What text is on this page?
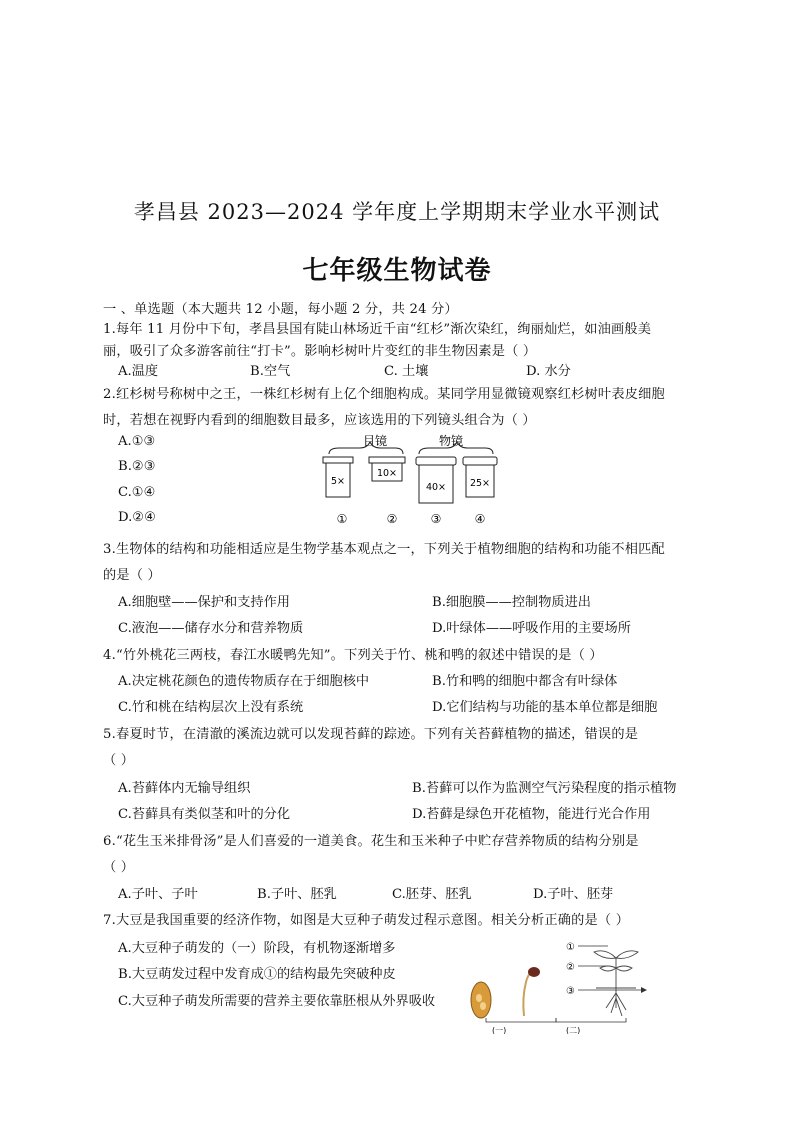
孝昌县 2023—2024 学年度上学期期末学业水平测试
七年级生物试卷
一 、单选题（本大题共 12 小题，每小题 2 分，共 24 分）
1.每年 11 月份中下旬，孝昌县国有陡山林场近千亩“红杉”渐次染红，绚丽灿烂，如油画般美
丽，吸引了众多游客前往“打卡”。影响杉树叶片变红的非生物因素是（ ）
A.温度	B.空气	C. 土壤	D. 水分
2.红杉树号称树中之王，一株红杉树有上亿个细胞构成。某同学用显微镜观察红杉树叶表皮细胞
时，若想在视野内看到的细胞数目最多，应该选用的下列镜头组合为（ ）
A.①③
B.②③
C.①④
D.②④
目镜	物镜
5×
10×
40×	25×
①	②	③	④
3.生物体的结构和功能相适应是生物学基本观点之一，下列关于植物细胞的结构和功能不相匹配
的是（ ）
A.细胞壁——保护和支持作用	B.细胞膜——控制物质进出
C.液泡——储存水分和营养物质	D.叶绿体——呼吸作用的主要场所
4.“竹外桃花三两枝，春江水暖鸭先知”。下列关于竹、桃和鸭的叙述中错误的是（ ）
A.决定桃花颜色的遗传物质存在于细胞核中	B.竹和鸭的细胞中都含有叶绿体
C.竹和桃在结构层次上没有系统	D.它们结构与功能的基本单位都是细胞
5.春夏时节，在清澈的溪流边就可以发现苔藓的踪迹。下列有关苔藓植物的描述，错误的是
（ ）
A.苔藓体内无输导组织	B.苔藓可以作为监测空气污染程度的指示植物
C.苔藓具有类似茎和叶的分化	D.苔藓是绿色开花植物，能进行光合作用
6.“花生玉米排骨汤”是人们喜爱的一道美食。花生和玉米种子中贮存营养物质的结构分别是
（ ）
A.子叶、子叶	B.子叶、胚乳	C.胚芽、胚乳	D.子叶、胚芽
7.大豆是我国重要的经济作物，如图是大豆种子萌发过程示意图。相关分析正确的是（ ）
A.大豆种子萌发的（一）阶段，有机物逐渐增多
B.大豆萌发过程中发育成①的结构最先突破种皮
C.大豆种子萌发所需要的营养主要依靠胚根从外界吸收
①
②
③
(一)	(二)
